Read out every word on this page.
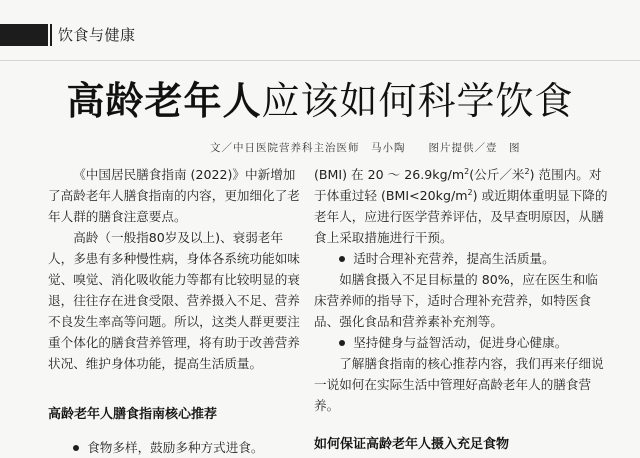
饮食与健康
高龄老年人应该如何科学饮食
文／中日医院营养科主治医师　马小陶　　图片提供／壹　图

《中国居民膳食指南 (2022)》中新增加了高龄老年人膳食指南的内容，更加细化了老年人群的膳食注意要点。

高龄（一般指80岁及以上)、衰弱老年人，多患有多种慢性病，身体各系统功能如味觉、嗅觉、消化吸收能力等都有比较明显的衰退，往往存在进食受限、营养摄入不足、营养不良发生率高等问题。所以，这类人群更要注重个体化的膳食营养管理，将有助于改善营养状况、维护身体功能，提高生活质量。

高龄老年人膳食指南核心推荐

食物多样，鼓励多种方式进食。

(BMI) 在 20 ～ $26.9kg/m^2$(公斤／米$^2$) 范围内。对于体重过轻 $(BMI<20kg/m^2)$ 或近期体重明显下降的老年人，应进行医学营养评估，及早查明原因，从膳食上采取措施进行干预。

适时合理补充营养，提高生活质量。

如膳食摄入不足目标量的 80%，应在医生和临床营养师的指导下，适时合理补充营养，如特医食品、强化食品和营养素补充剂等。

坚持健身与益智活动，促进身心健康。

了解膳食指南的核心推荐内容，我们再来仔细说一说如何在实际生活中管理好高龄老年人的膳食营养。

如何保证高龄老年人摄入充足食物
